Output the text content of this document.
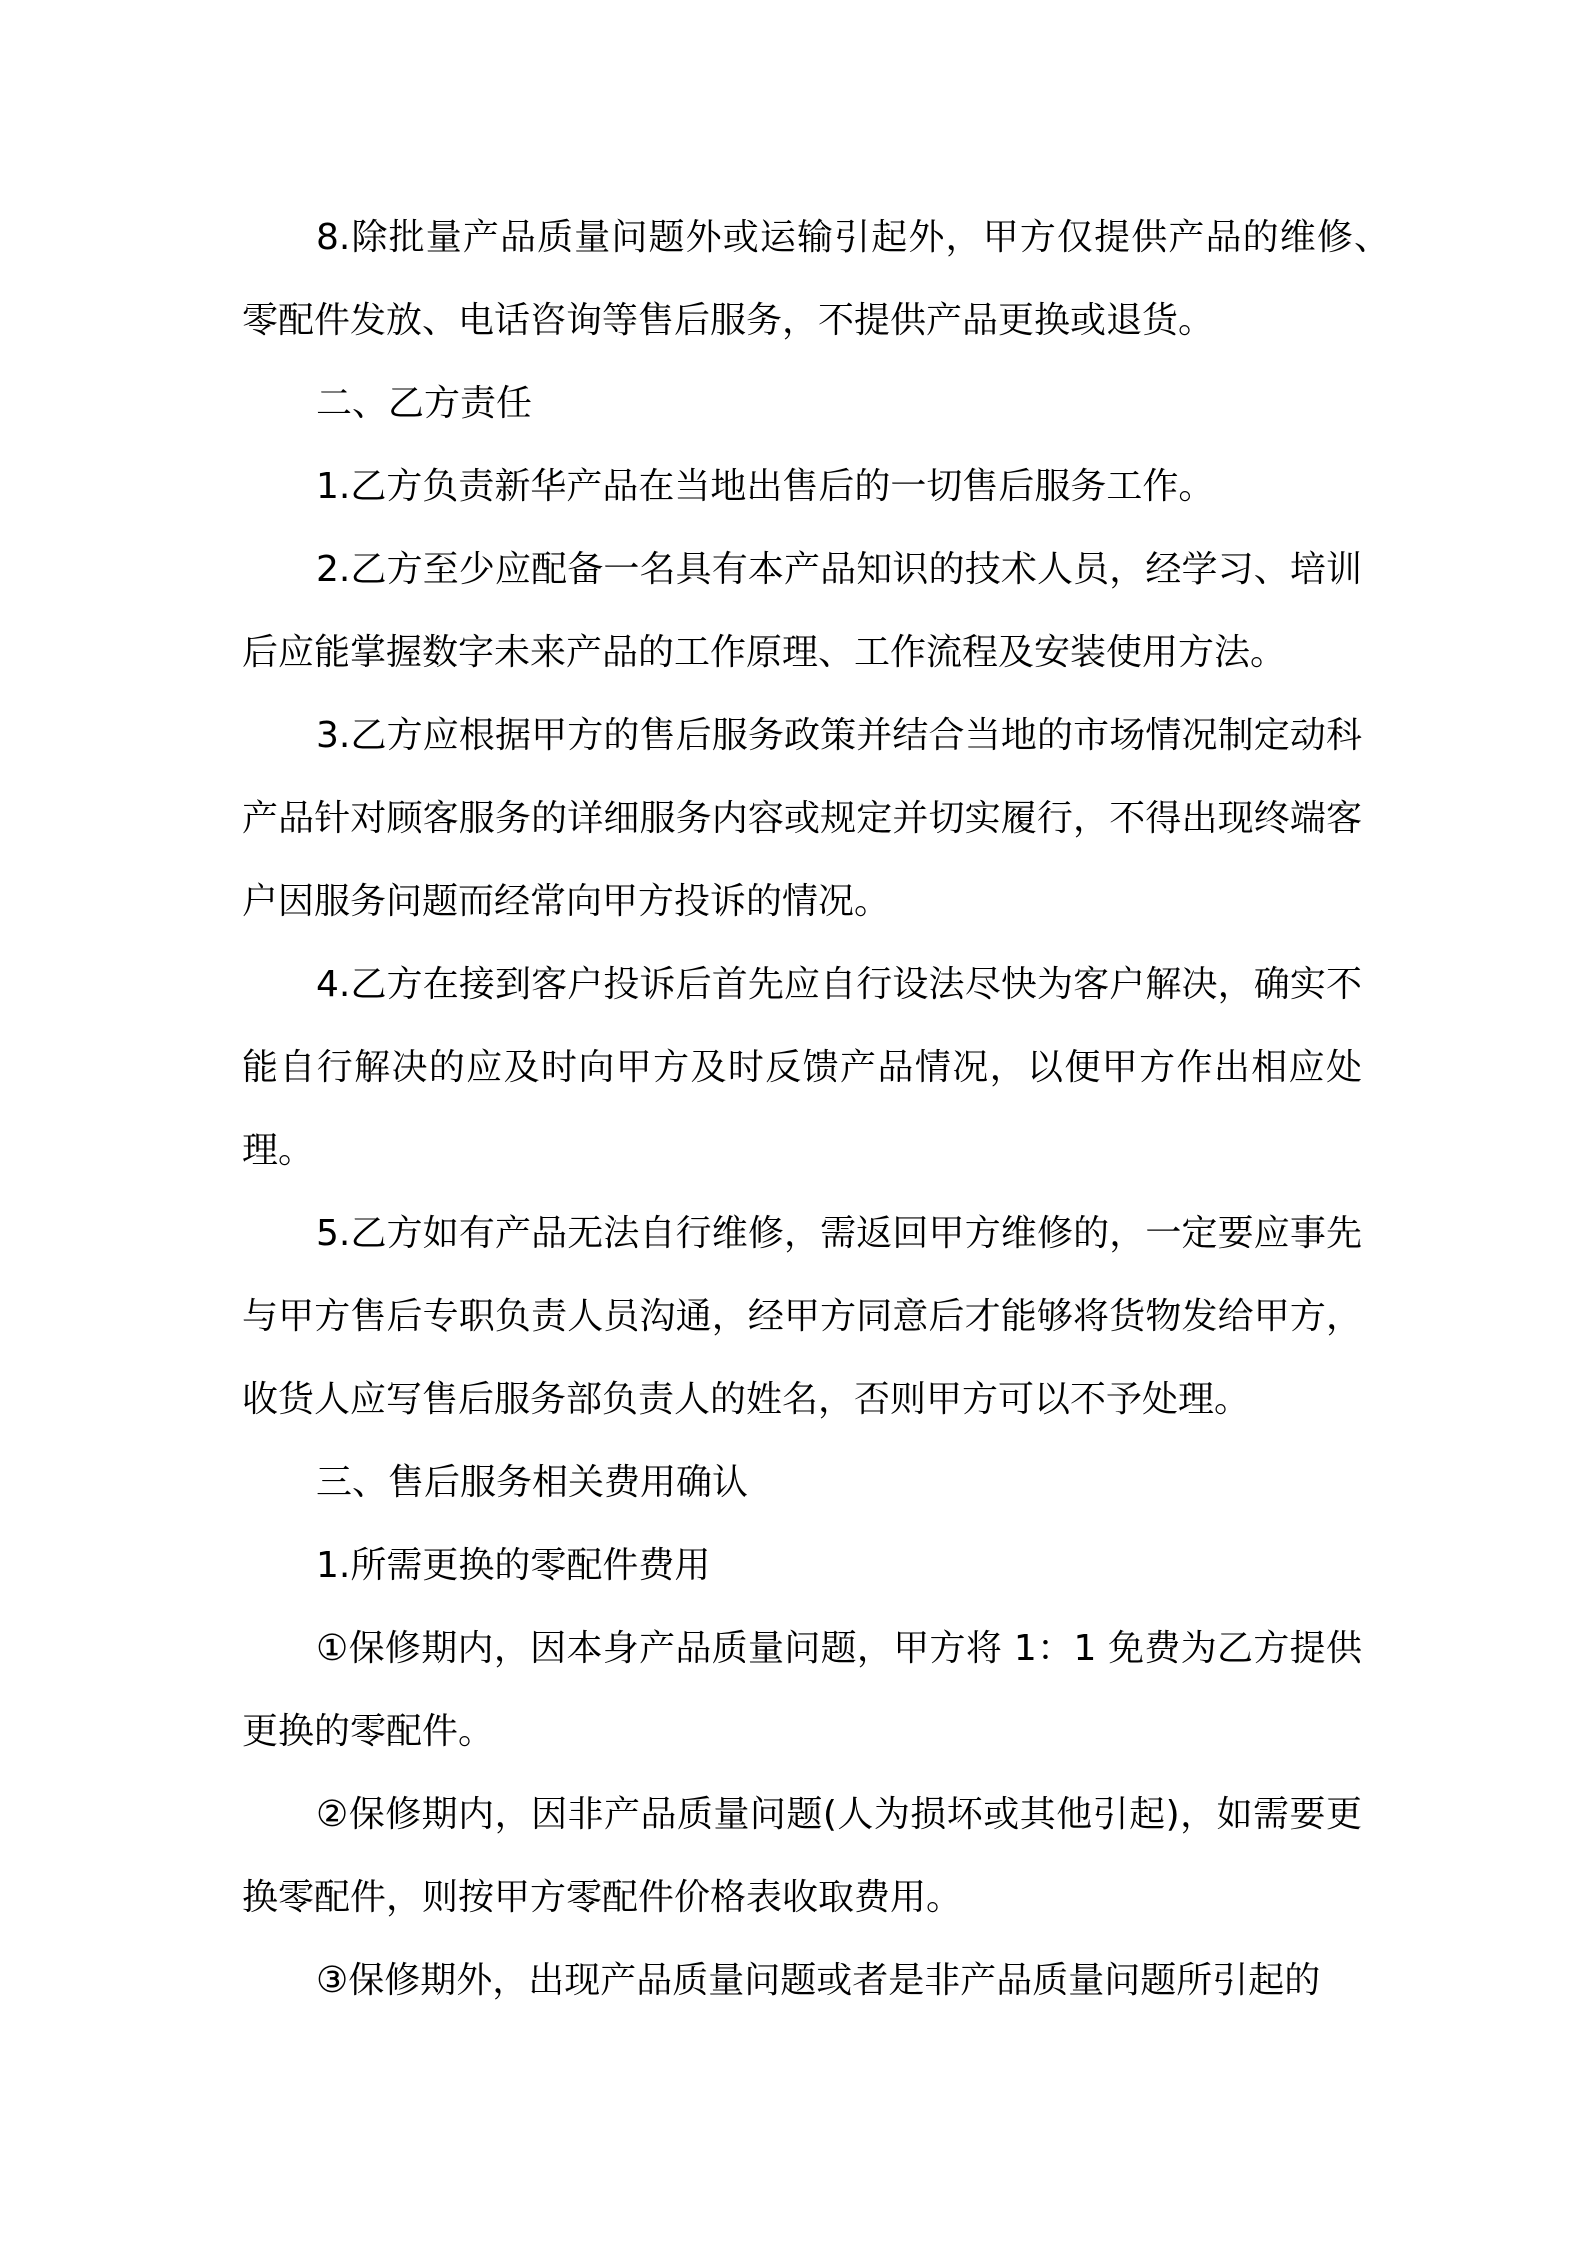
8.除批量产品质量问题外或运输引起外，甲方仅提供产品的维修、零配件发放、电话咨询等售后服务，不提供产品更换或退货。

二、乙方责任

1.乙方负责新华产品在当地出售后的一切售后服务工作。

2.乙方至少应配备一名具有本产品知识的技术人员，经学习、培训后应能掌握数字未来产品的工作原理、工作流程及安装使用方法。

3.乙方应根据甲方的售后服务政策并结合当地的市场情况制定动科产品针对顾客服务的详细服务内容或规定并切实履行，不得出现终端客户因服务问题而经常向甲方投诉的情况。

4.乙方在接到客户投诉后首先应自行设法尽快为客户解决，确实不能自行解决的应及时向甲方及时反馈产品情况，以便甲方作出相应处理。

5.乙方如有产品无法自行维修，需返回甲方维修的，一定要应事先与甲方售后专职负责人员沟通，经甲方同意后才能够将货物发给甲方，收货人应写售后服务部负责人的姓名，否则甲方可以不予处理。

三、售后服务相关费用确认

1.所需更换的零配件费用

①保修期内，因本身产品质量问题，甲方将 1：1 免费为乙方提供更换的零配件。

②保修期内，因非产品质量问题(人为损坏或其他引起)，如需要更换零配件，则按甲方零配件价格表收取费用。

③保修期外，出现产品质量问题或者是非产品质量问题所引起的
